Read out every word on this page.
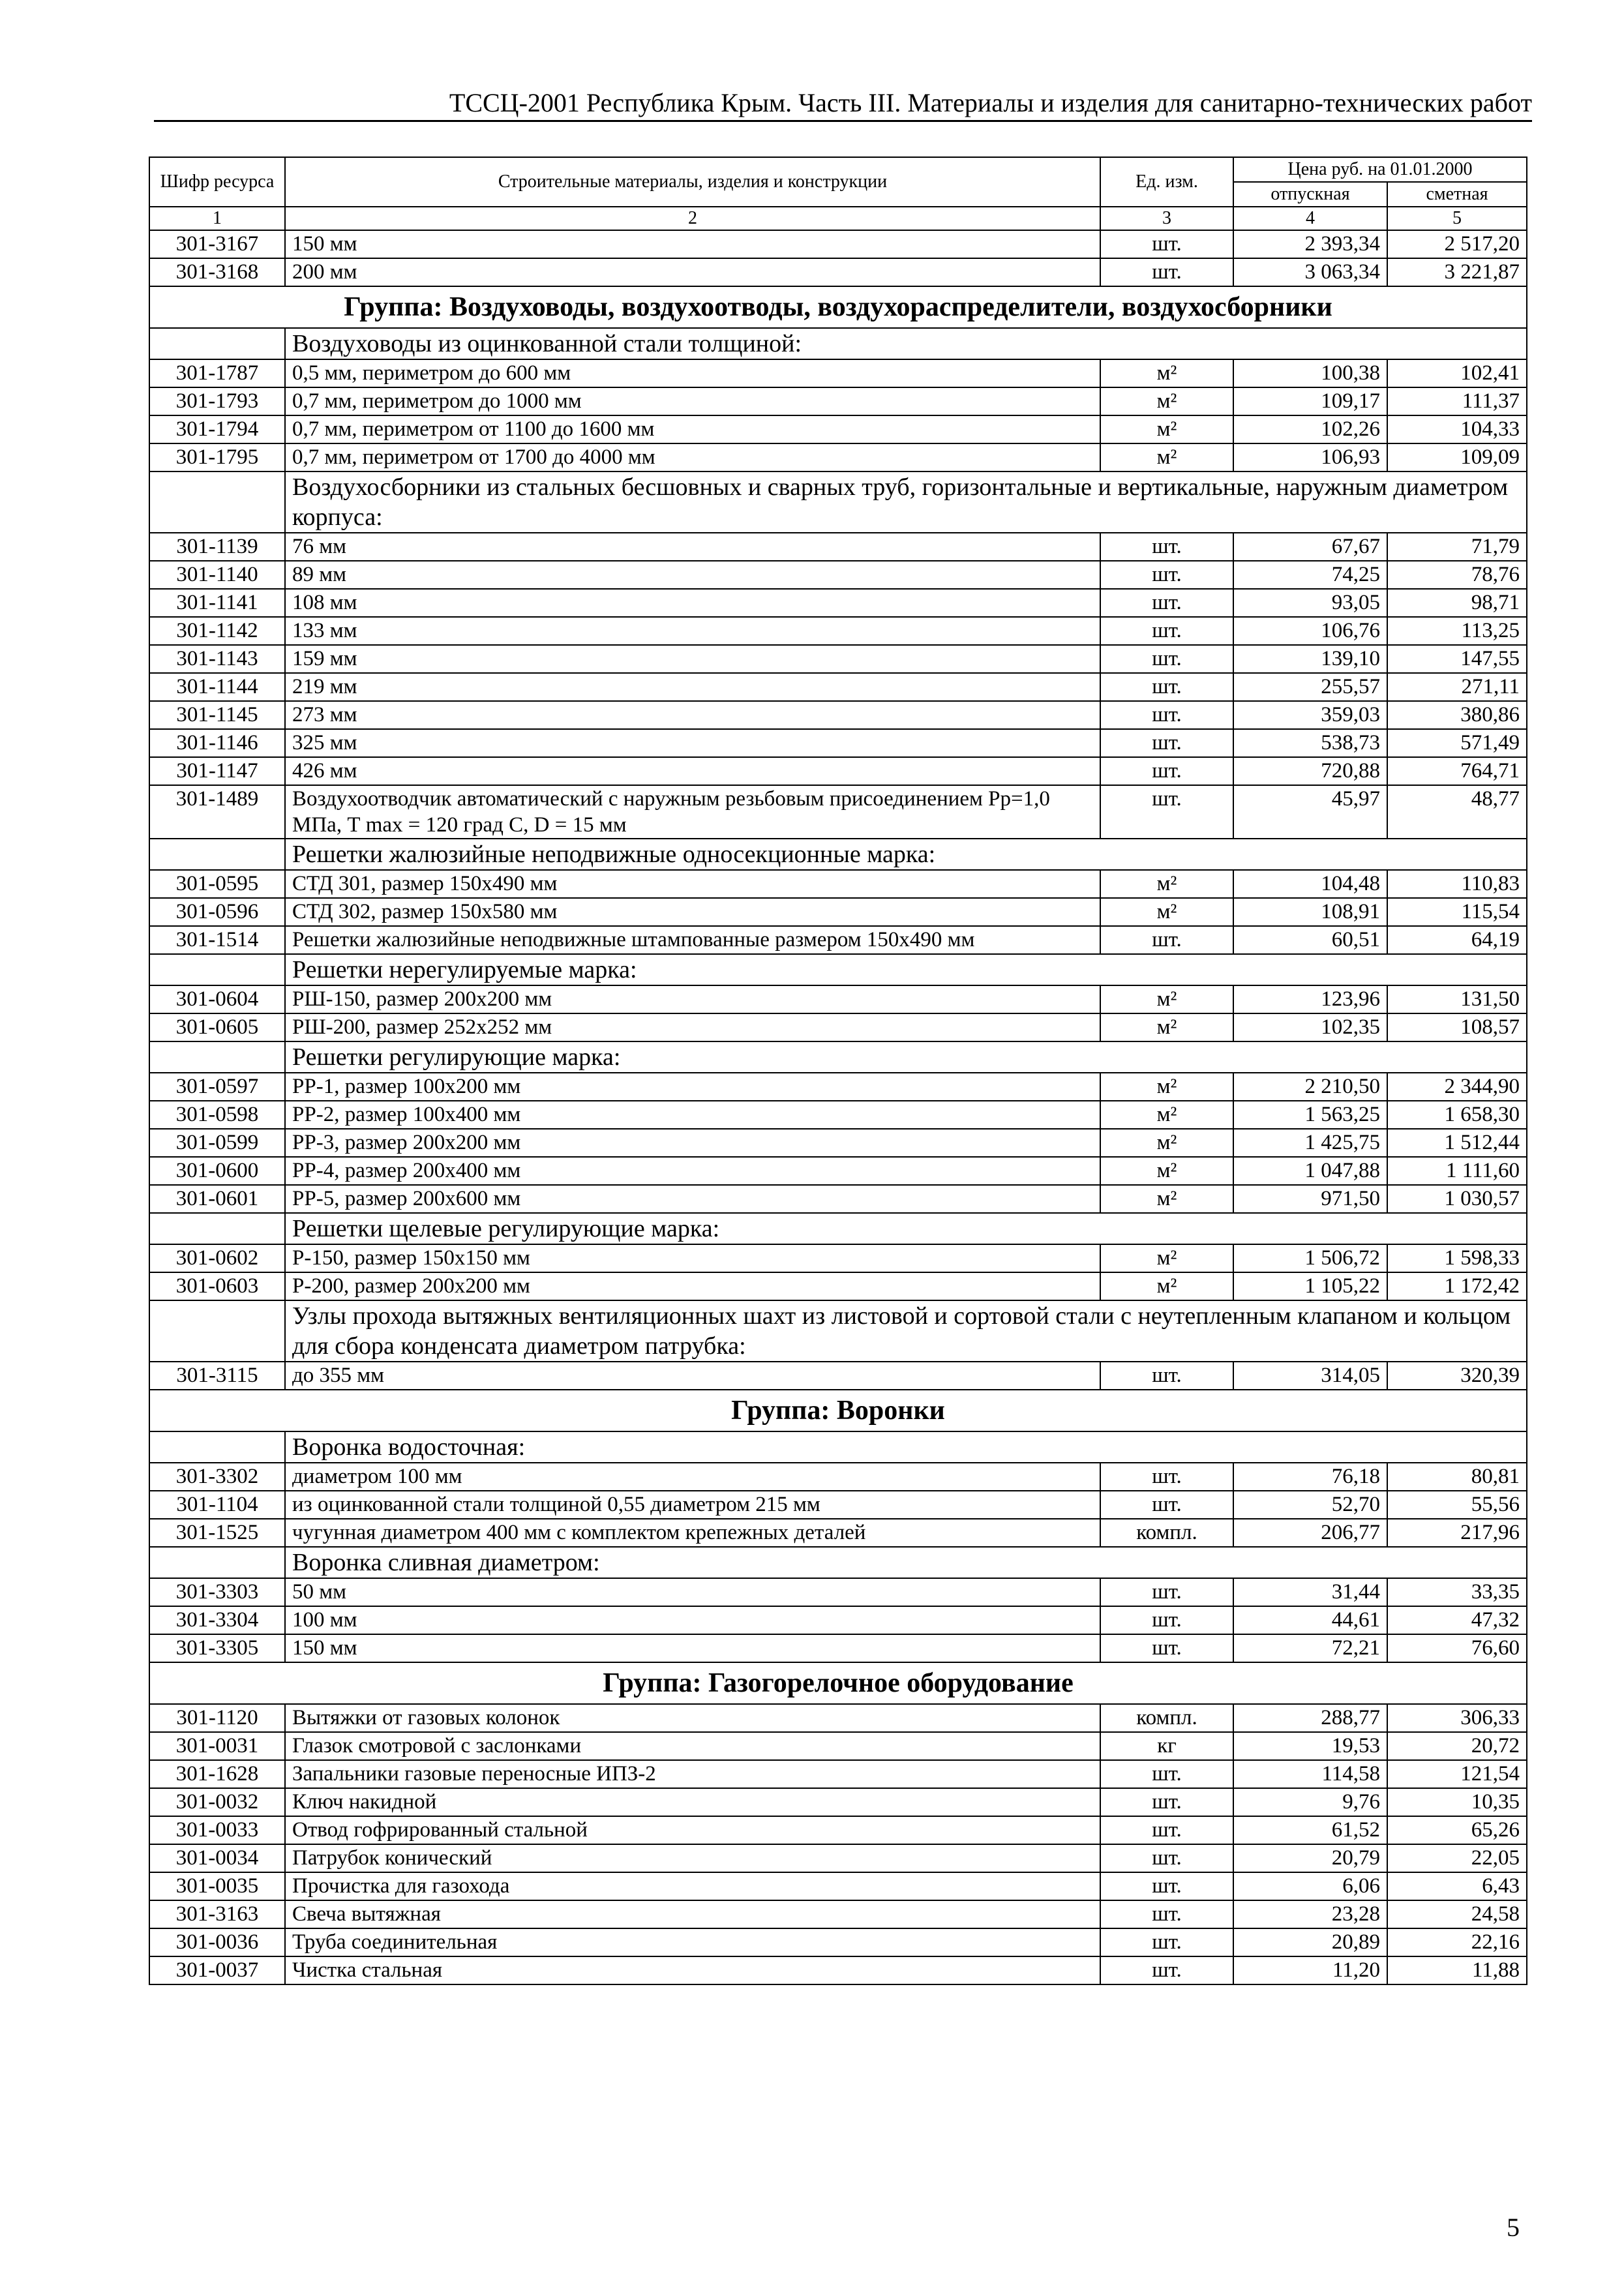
ТССЦ-2001 Республика Крым. Часть III. Материалы и изделия для санитарно-технических работ
Шифр ресурса	Строительные материалы, изделия и конструкции	Ед. изм.	Цена руб. на 01.01.2000	
			отпускная	сметная
1	2	3	4	5
301-3167	150 мм	шт.	2 393,34	2 517,20
301-3168	200 мм	шт.	3 063,34	3 221,87
Группа: Воздуховоды, воздухоотводы, воздухораспределители, воздухосборники				
	Воздуховоды из оцинкованной стали толщиной:			
301-1787	0,5 мм, периметром до 600 мм	м²	100,38	102,41
301-1793	0,7 мм, периметром до 1000 мм	м²	109,17	111,37
301-1794	0,7 мм, периметром от 1100 до 1600 мм	м²	102,26	104,33
301-1795	0,7 мм, периметром от 1700 до 4000 мм	м²	106,93	109,09
	Воздухосборники из стальных бесшовных и сварных труб, горизонтальные и вертикальные, наружным диаметром корпуса:			
301-1139	76 мм	шт.	67,67	71,79
301-1140	89 мм	шт.	74,25	78,76
301-1141	108 мм	шт.	93,05	98,71
301-1142	133 мм	шт.	106,76	113,25
301-1143	159 мм	шт.	139,10	147,55
301-1144	219 мм	шт.	255,57	271,11
301-1145	273 мм	шт.	359,03	380,86
301-1146	325 мм	шт.	538,73	571,49
301-1147	426 мм	шт.	720,88	764,71
301-1489	Воздухоотводчик автоматический с наружным резьбовым присоединением Рр=1,0 МПа, Т max = 120 град С, D = 15 мм	шт.	45,97	48,77
	Решетки жалюзийные неподвижные односекционные марка:			
301-0595	СТД 301, размер 150х490 мм	м²	104,48	110,83
301-0596	СТД 302, размер 150х580 мм	м²	108,91	115,54
301-1514	Решетки жалюзийные неподвижные штампованные размером 150х490 мм	шт.	60,51	64,19
	Решетки нерегулируемые марка:			
301-0604	РШ-150, размер 200х200 мм	м²	123,96	131,50
301-0605	РШ-200, размер 252х252 мм	м²	102,35	108,57
	Решетки регулирующие марка:			
301-0597	РР-1, размер 100х200 мм	м²	2 210,50	2 344,90
301-0598	РР-2, размер 100х400 мм	м²	1 563,25	1 658,30
301-0599	РР-3, размер 200х200 мм	м²	1 425,75	1 512,44
301-0600	РР-4, размер 200х400 мм	м²	1 047,88	1 111,60
301-0601	РР-5, размер 200х600 мм	м²	971,50	1 030,57
	Решетки щелевые регулирующие марка:			
301-0602	Р-150, размер 150х150 мм	м²	1 506,72	1 598,33
301-0603	Р-200, размер 200х200 мм	м²	1 105,22	1 172,42
	Узлы прохода вытяжных вентиляционных шахт из листовой и сортовой стали с неутепленным клапаном и кольцом для сбора конденсата диаметром патрубка:			
301-3115	до 355 мм	шт.	314,05	320,39
Группа: Воронки				
	Воронка водосточная:			
301-3302	диаметром 100 мм	шт.	76,18	80,81
301-1104	из оцинкованной стали толщиной 0,55 диаметром 215 мм	шт.	52,70	55,56
301-1525	чугунная диаметром 400 мм с комплектом крепежных деталей	компл.	206,77	217,96
	Воронка сливная диаметром:			
301-3303	50 мм	шт.	31,44	33,35
301-3304	100 мм	шт.	44,61	47,32
301-3305	150 мм	шт.	72,21	76,60
Группа: Газогорелочное оборудование				
301-1120	Вытяжки от газовых колонок	компл.	288,77	306,33
301-0031	Глазок смотровой с заслонками	кг	19,53	20,72
301-1628	Запальники газовые переносные ИПЗ-2	шт.	114,58	121,54
301-0032	Ключ накидной	шт.	9,76	10,35
301-0033	Отвод гофрированный стальной	шт.	61,52	65,26
301-0034	Патрубок конический	шт.	20,79	22,05
301-0035	Прочистка для газохода	шт.	6,06	6,43
301-3163	Свеча вытяжная	шт.	23,28	24,58
301-0036	Труба соединительная	шт.	20,89	22,16
301-0037	Чистка стальная	шт.	11,20	11,88
5
